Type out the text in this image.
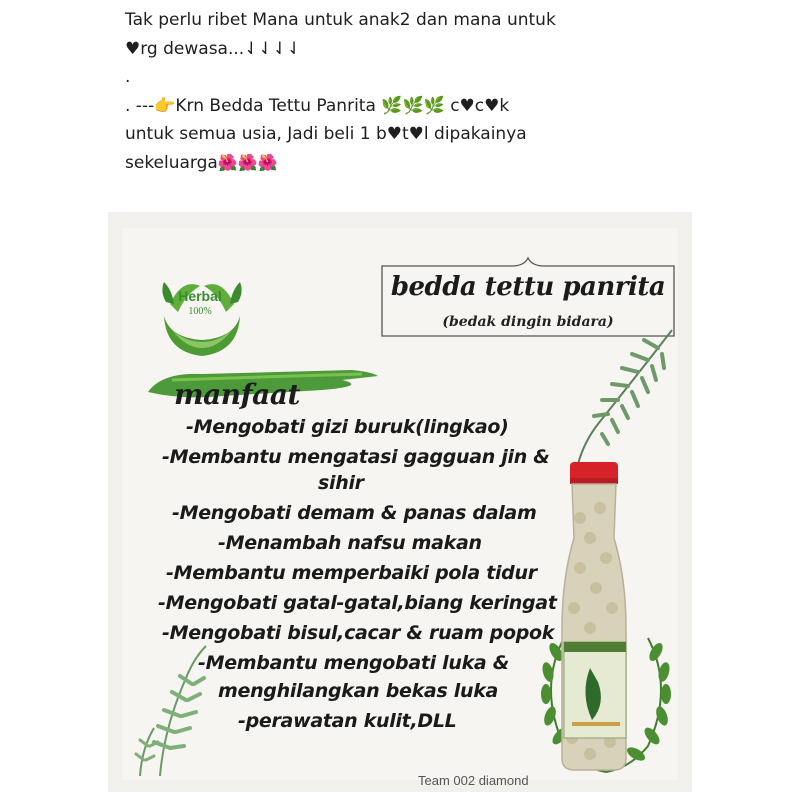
Tak perlu ribet Mana untuk anak2 dan mana untuk
♥rg dewasa...⇃⇃⇃⇃
.
. ---👉Krn Bedda Tettu Panrita 🌿🌿🌿 c♥c♥k
untuk semua usia, Jadi beli 1 b♥t♥l dipakainya
sekeluarga🌺🌺🌺
Herbal
100%
bedda tettu panrita
(bedak dingin bidara)
manfaat
-Mengobati gizi buruk(lingkao)
-Membantu mengatasi gagguan jin &
sihir
-Mengobati demam & panas dalam
-Menambah nafsu makan
-Membantu memperbaiki pola tidur
-Mengobati gatal-gatal,biang keringat
-Mengobati bisul,cacar & ruam popok
-Membantu mengobati luka &
menghilangkan bekas luka
-perawatan kulit,DLL
Team 002 diamond
